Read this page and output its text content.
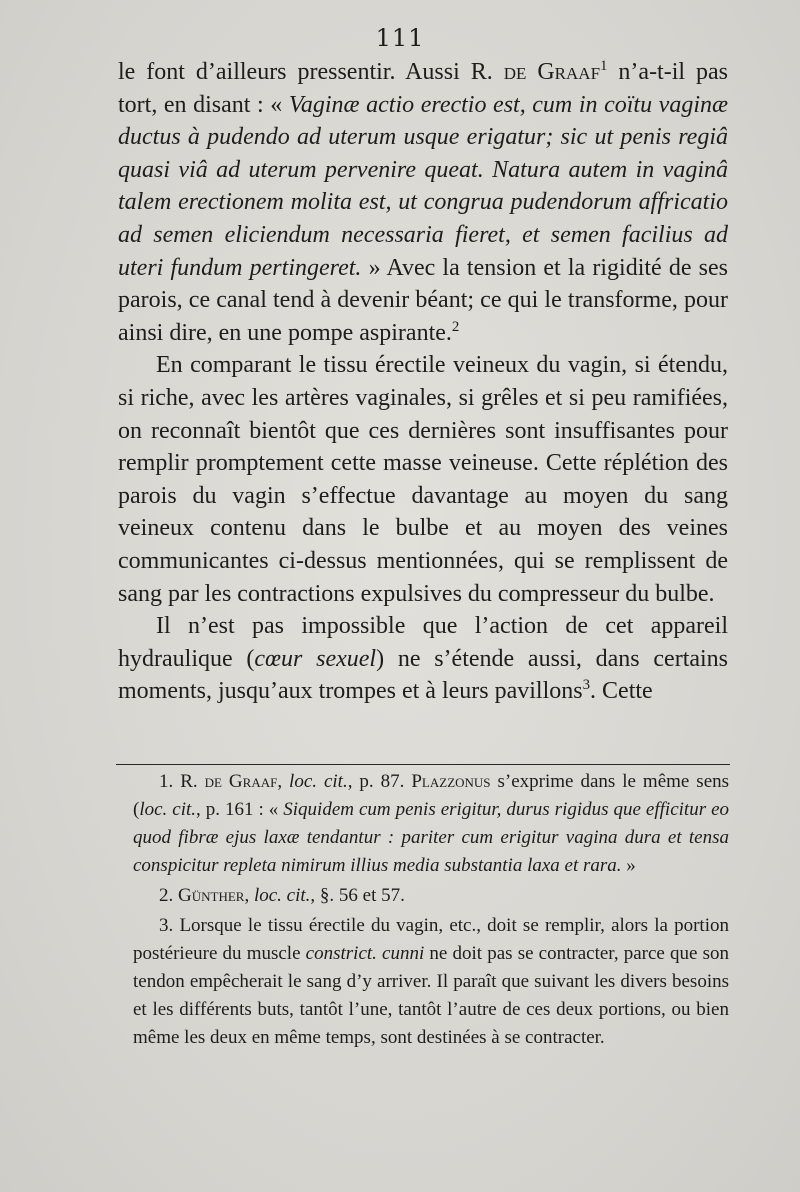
111

le font d’ailleurs pressentir. Aussi R. de Graaf$^1$ n’a-t-il pas tort, en disant : « Vaginæ actio erectio est, cum in coïtu vaginæ ductus à pudendo ad uterum usque erigatur; sic ut penis regiâ quasi viâ ad uterum pervenire queat. Natura autem in vaginâ talem erectionem molita est, ut congrua pudendorum affricatio ad semen eliciendum necessaria fieret, et semen facilius ad uteri fundum pertingeret. » Avec la tension et la rigidité de ses parois, ce canal tend à devenir béant; ce qui le transforme, pour ainsi dire, en une pompe aspirante.$^2$

En comparant le tissu érectile veineux du vagin, si étendu, si riche, avec les artères vaginales, si grêles et si peu ramifiées, on reconnaît bientôt que ces dernières sont insuffisantes pour remplir promptement cette masse veineuse. Cette réplétion des parois du vagin s’effectue davantage au moyen du sang veineux contenu dans le bulbe et au moyen des veines communicantes ci-dessus mentionnées, qui se remplissent de sang par les contractions expulsives du compresseur du bulbe.

Il n’est pas impossible que l’action de cet appareil hydraulique (cœur sexuel) ne s’étende aussi, dans certains moments, jusqu’aux trompes et à leurs pavillons$^3$. Cette

1. R. de Graaf, loc. cit., p. 87. Plazzonus s’exprime dans le même sens (loc. cit., p. 161 : « Siquidem cum penis erigitur, durus rigidus que efficitur eo quod fibræ ejus laxæ tendantur : pariter cum erigitur vagina dura et tensa conspicitur repleta nimirum illius media substantia laxa et rara. »

2. Günther, loc. cit., §. 56 et 57.

3. Lorsque le tissu érectile du vagin, etc., doit se remplir, alors la portion postérieure du muscle constrict. cunni ne doit pas se contracter, parce que son tendon empêcherait le sang d’y arriver. Il paraît que suivant les divers besoins et les différents buts, tantôt l’une, tantôt l’autre de ces deux portions, ou bien même les deux en même temps, sont destinées à se contracter.
